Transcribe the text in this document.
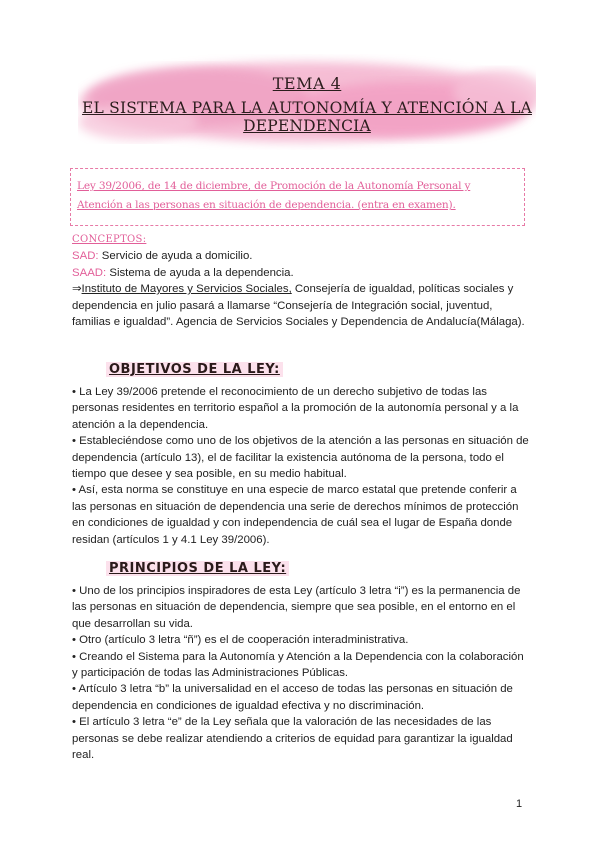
TEMA 4
EL SISTEMA PARA LA AUTONOMÍA Y ATENCIÓN A LA DEPENDENCIA
Ley 39/2006, de 14 de diciembre, de Promoción de la Autonomía Personal y Atención a las personas en situación de dependencia. (entra en examen).
CONCEPTOS:

SAD: Servicio de ayuda a domicilio.

SAAD: Sistema de ayuda a la dependencia.

⇒Instituto de Mayores y Servicios Sociales, Consejería de igualdad, políticas sociales y dependencia en julio pasará a llamarse “Consejería de Integración social, juventud, familias e igualdad”. Agencia de Servicios Sociales y Dependencia de Andalucía(Málaga).

OBJETIVOS DE LA LEY:

• La Ley 39/2006 pretende el reconocimiento de un derecho subjetivo de todas las personas residentes en territorio español a la promoción de la autonomía personal y a la atención a la dependencia.

• Estableciéndose como uno de los objetivos de la atención a las personas en situación de dependencia (artículo 13), el de facilitar la existencia autónoma de la persona, todo el tiempo que desee y sea posible, en su medio habitual.

• Así, esta norma se constituye en una especie de marco estatal que pretende conferir a las personas en situación de dependencia una serie de derechos mínimos de protección en condiciones de igualdad y con independencia de cuál sea el lugar de España donde residan (artículos 1 y 4.1 Ley 39/2006).

PRINCIPIOS DE LA LEY:

• Uno de los principios inspiradores de esta Ley (artículo 3 letra “i”) es la permanencia de las personas en situación de dependencia, siempre que sea posible, en el entorno en el que desarrollan su vida.

• Otro (artículo 3 letra “ñ”) es el de cooperación interadministrativa.

• Creando el Sistema para la Autonomía y Atención a la Dependencia con la colaboración y participación de todas las Administraciones Públicas.

• Artículo 3 letra “b” la universalidad en el acceso de todas las personas en situación de dependencia en condiciones de igualdad efectiva y no discriminación.

• El artículo 3 letra “e” de la Ley señala que la valoración de las necesidades de las personas se debe realizar atendiendo a criterios de equidad para garantizar la igualdad real.

1
